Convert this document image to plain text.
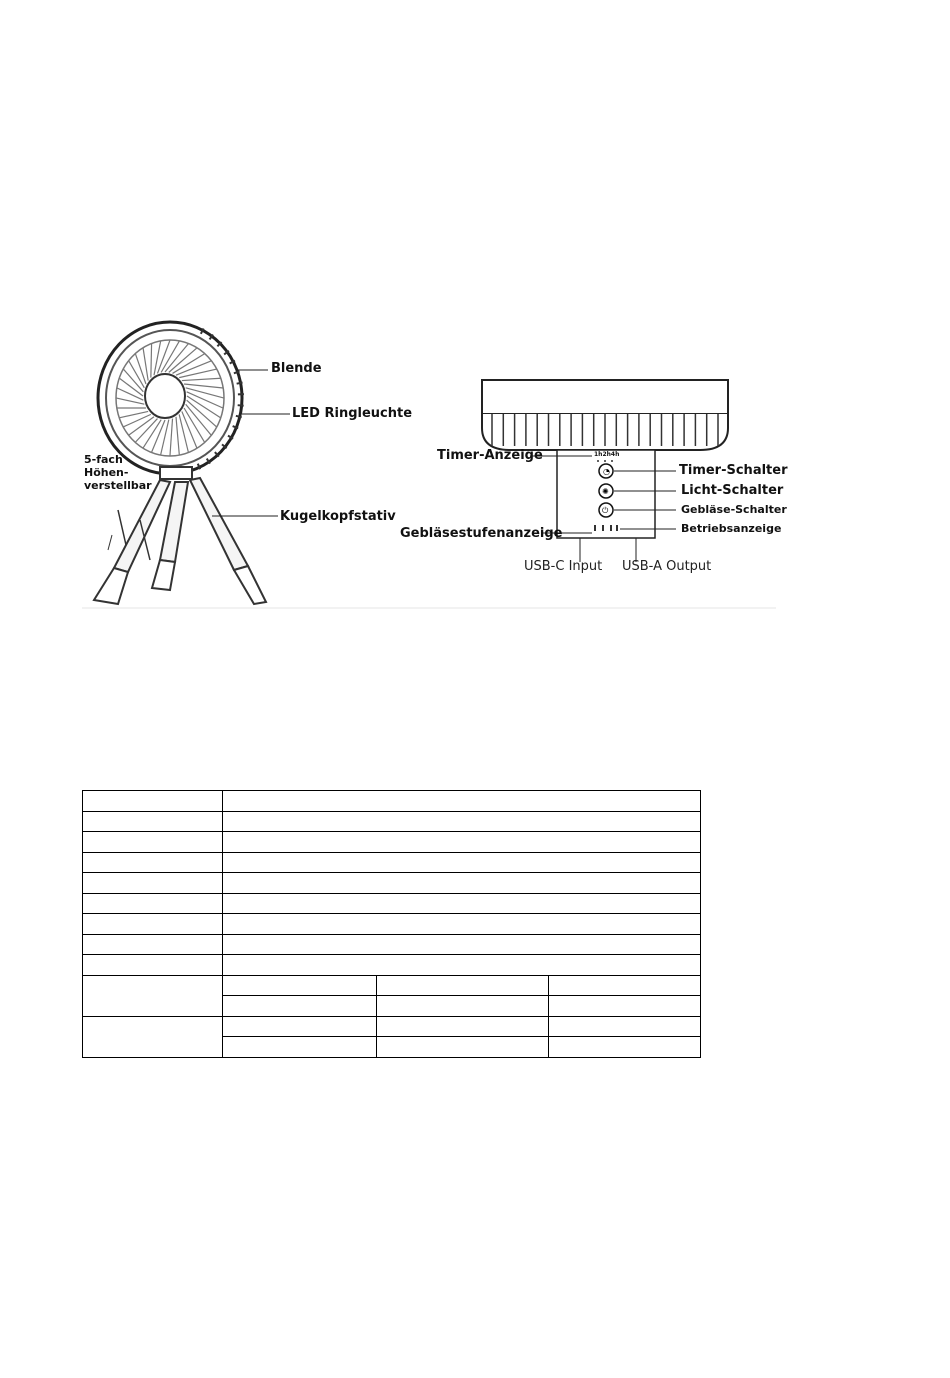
◔
✺
⏻
Blende
LED Ringleuchte
5-fach
Höhen-
verstellbar
Kugelkopfstativ
Timer-Anzeige	1h2h4h
Timer-Schalter
Licht-Schalter
Gebläse-Schalter
Betriebsanzeige
Gebläsestufenanzeige
USB-C Input USB-A Output
